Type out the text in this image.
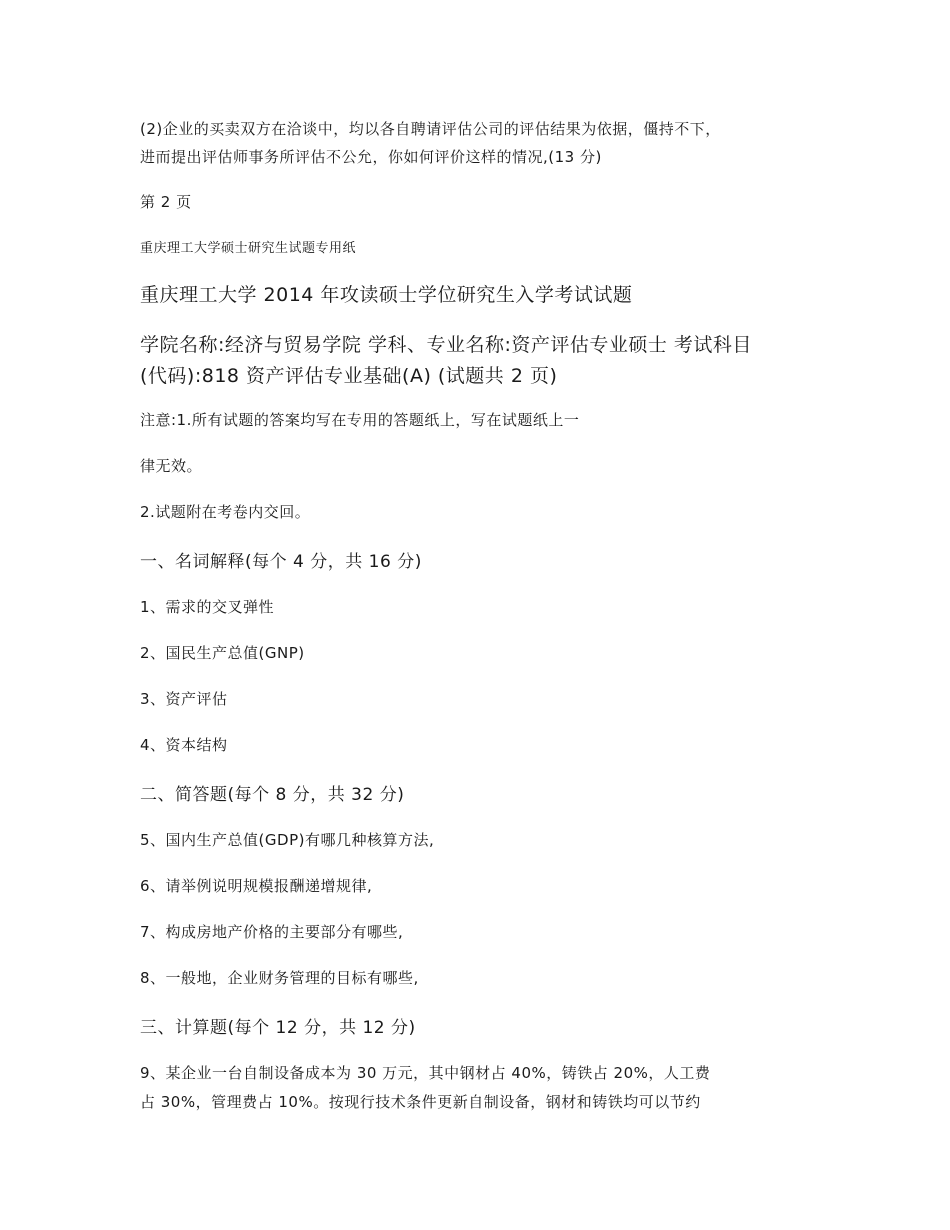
(2)企业的买卖双方在洽谈中，均以各自聘请评估公司的评估结果为依据，僵持不下，
进而提出评估师事务所评估不公允，你如何评价这样的情况,(13 分)
第 2 页
重庆理工大学硕士研究生试题专用纸
重庆理工大学 2014 年攻读硕士学位研究生入学考试试题
学院名称:经济与贸易学院 学科、专业名称:资产评估专业硕士 考试科目
(代码):818 资产评估专业基础(A) (试题共 2 页)
注意:1.所有试题的答案均写在专用的答题纸上，写在试题纸上一
律无效。
2.试题附在考卷内交回。
一、名词解释(每个 4 分，共 16 分)
1、需求的交叉弹性
2、国民生产总值(GNP)
3、资产评估
4、资本结构
二、简答题(每个 8 分，共 32 分)
5、国内生产总值(GDP)有哪几种核算方法,
6、请举例说明规模报酬递增规律,
7、构成房地产价格的主要部分有哪些,
8、一般地，企业财务管理的目标有哪些,
三、计算题(每个 12 分，共 12 分)
9、某企业一台自制设备成本为 30 万元，其中钢材占 40%，铸铁占 20%，人工费
占 30%，管理费占 10%。按现行技术条件更新自制设备，钢材和铸铁均可以节约
